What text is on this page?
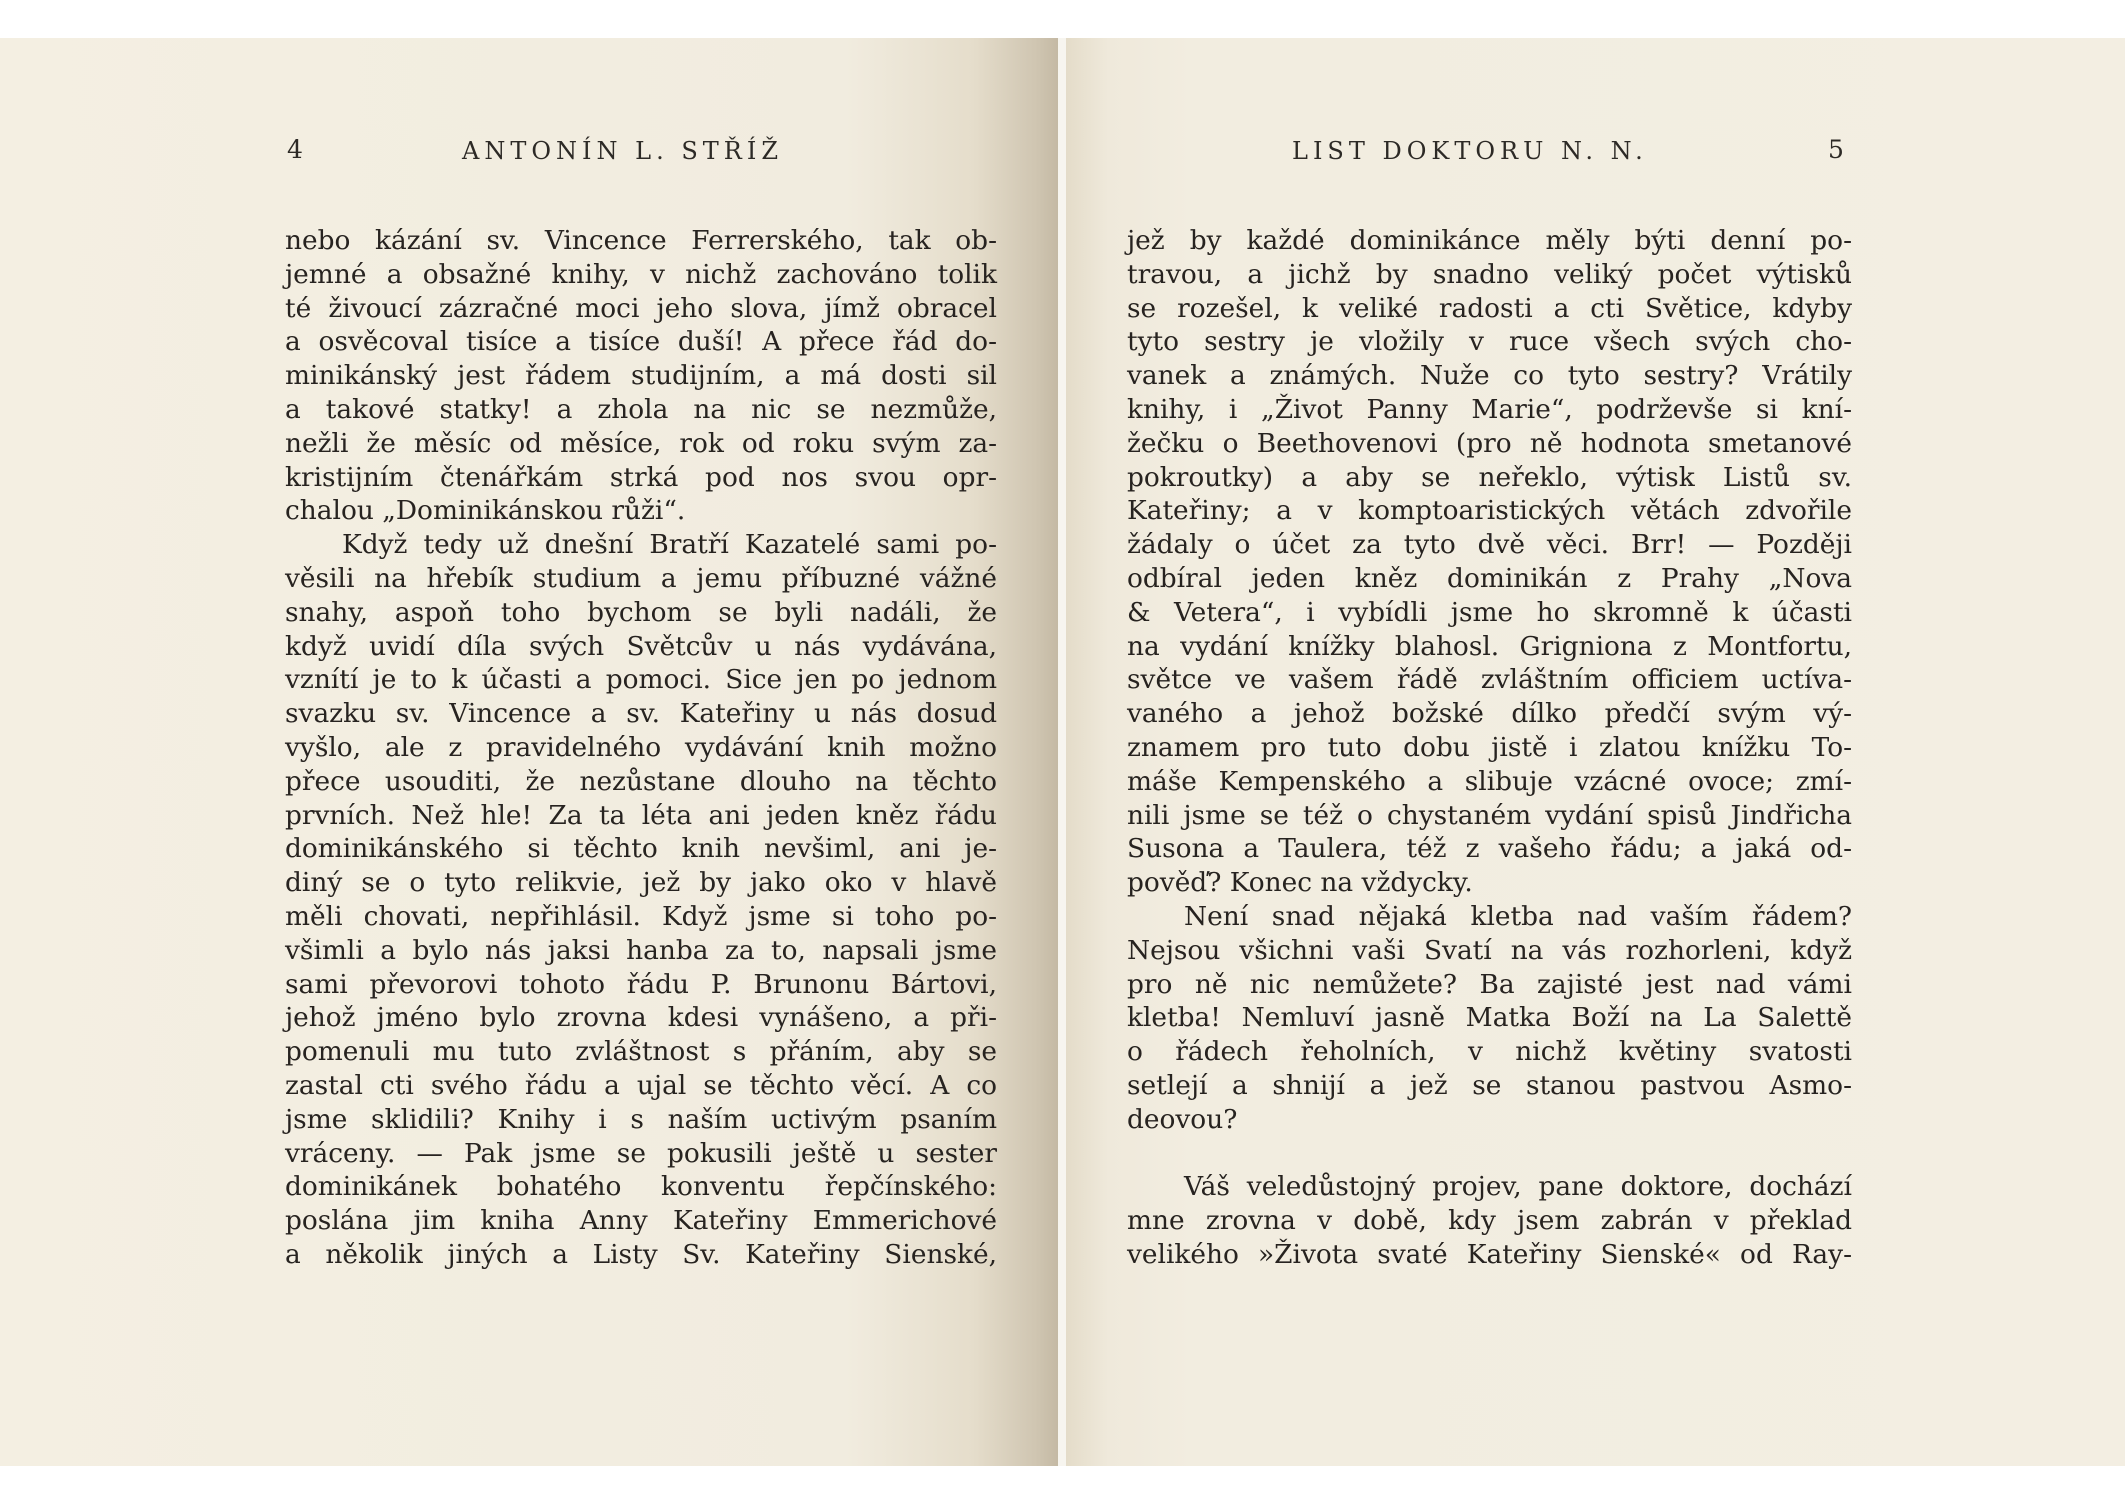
4	ANTONÍN L. STŘÍŽ
nebo kázání sv. Vincence Ferrerského, tak ob-
jemné a obsažné knihy, v nichž zachováno tolik
té živoucí zázračné moci jeho slova, jímž obracel
a osvěcoval tisíce a tisíce duší! A přece řád do-
minikánský jest řádem studijním, a má dosti sil
a takové statky! a zhola na nic se nezmůže,
nežli že měsíc od měsíce, rok od roku svým za-
kristijním čtenářkám strká pod nos svou opr-
chalou „Dominikánskou růži“.
Když tedy už dnešní Bratří Kazatelé sami po-
věsili na hřebík studium a jemu příbuzné vážné
snahy, aspoň toho bychom se byli nadáli, že
když uvidí díla svých Světcův u nás vydávána,
vznítí je to k účasti a pomoci. Sice jen po jednom
svazku sv. Vincence a sv. Kateřiny u nás dosud
vyšlo, ale z pravidelného vydávání knih možno
přece usouditi, že nezůstane dlouho na těchto
prvních. Než hle! Za ta léta ani jeden kněz řádu
dominikánského si těchto knih nevšiml, ani je-
diný se o tyto relikvie, jež by jako oko v hlavě
měli chovati, nepřihlásil. Když jsme si toho po-
všimli a bylo nás jaksi hanba za to, napsali jsme
sami převorovi tohoto řádu P. Brunonu Bártovi,
jehož jméno bylo zrovna kdesi vynášeno, a při-
pomenuli mu tuto zvláštnost s přáním, aby se
zastal cti svého řádu a ujal se těchto věcí. A co
jsme sklidili? Knihy i s naším uctivým psaním
vráceny. — Pak jsme se pokusili ještě u sester
dominikánek bohatého konventu řepčínského:
poslána jim kniha Anny Kateřiny Emmerichové
a několik jiných a Listy Sv. Kateřiny Sienské,
LIST DOKTORU N. N.	5
jež by každé dominikánce měly býti denní po-
travou, a jichž by snadno veliký počet výtisků
se rozešel, k veliké radosti a cti Světice, kdyby
tyto sestry je vložily v ruce všech svých cho-
vanek a známých. Nuže co tyto sestry? Vrátily
knihy, i „Život Panny Marie“, podrževše si kní-
žečku o Beethovenovi (pro ně hodnota smetanové
pokroutky) a aby se neřeklo, výtisk Listů sv.
Kateřiny; a v komptoaristických větách zdvořile
žádaly o účet za tyto dvě věci. Brr! — Později
odbíral jeden kněz dominikán z Prahy „Nova
& Vetera“, i vybídli jsme ho skromně k účasti
na vydání knížky blahosl. Grigniona z Montfortu,
světce ve vašem řádě zvláštním officiem uctíva-
vaného a jehož božské dílko předčí svým vý-
znamem pro tuto dobu jistě i zlatou knížku To-
máše Kempenského a slibuje vzácné ovoce; zmí-
nili jsme se též o chystaném vydání spisů Jindřicha
Susona a Taulera, též z vašeho řádu; a jaká od-
pověď? Konec na vždycky.
Není snad nějaká kletba nad vaším řádem?
Nejsou všichni vaši Svatí na vás rozhorleni, když
pro ně nic nemůžete? Ba zajisté jest nad vámi
kletba! Nemluví jasně Matka Boží na La Salettě
o řádech řeholních, v nichž květiny svatosti
setlejí a shnijí a jež se stanou pastvou Asmo-
deovou?
Váš veledůstojný projev, pane doktore, dochází
mne zrovna v době, kdy jsem zabrán v překlad
velikého »Života svaté Kateřiny Sienské« od Ray-
